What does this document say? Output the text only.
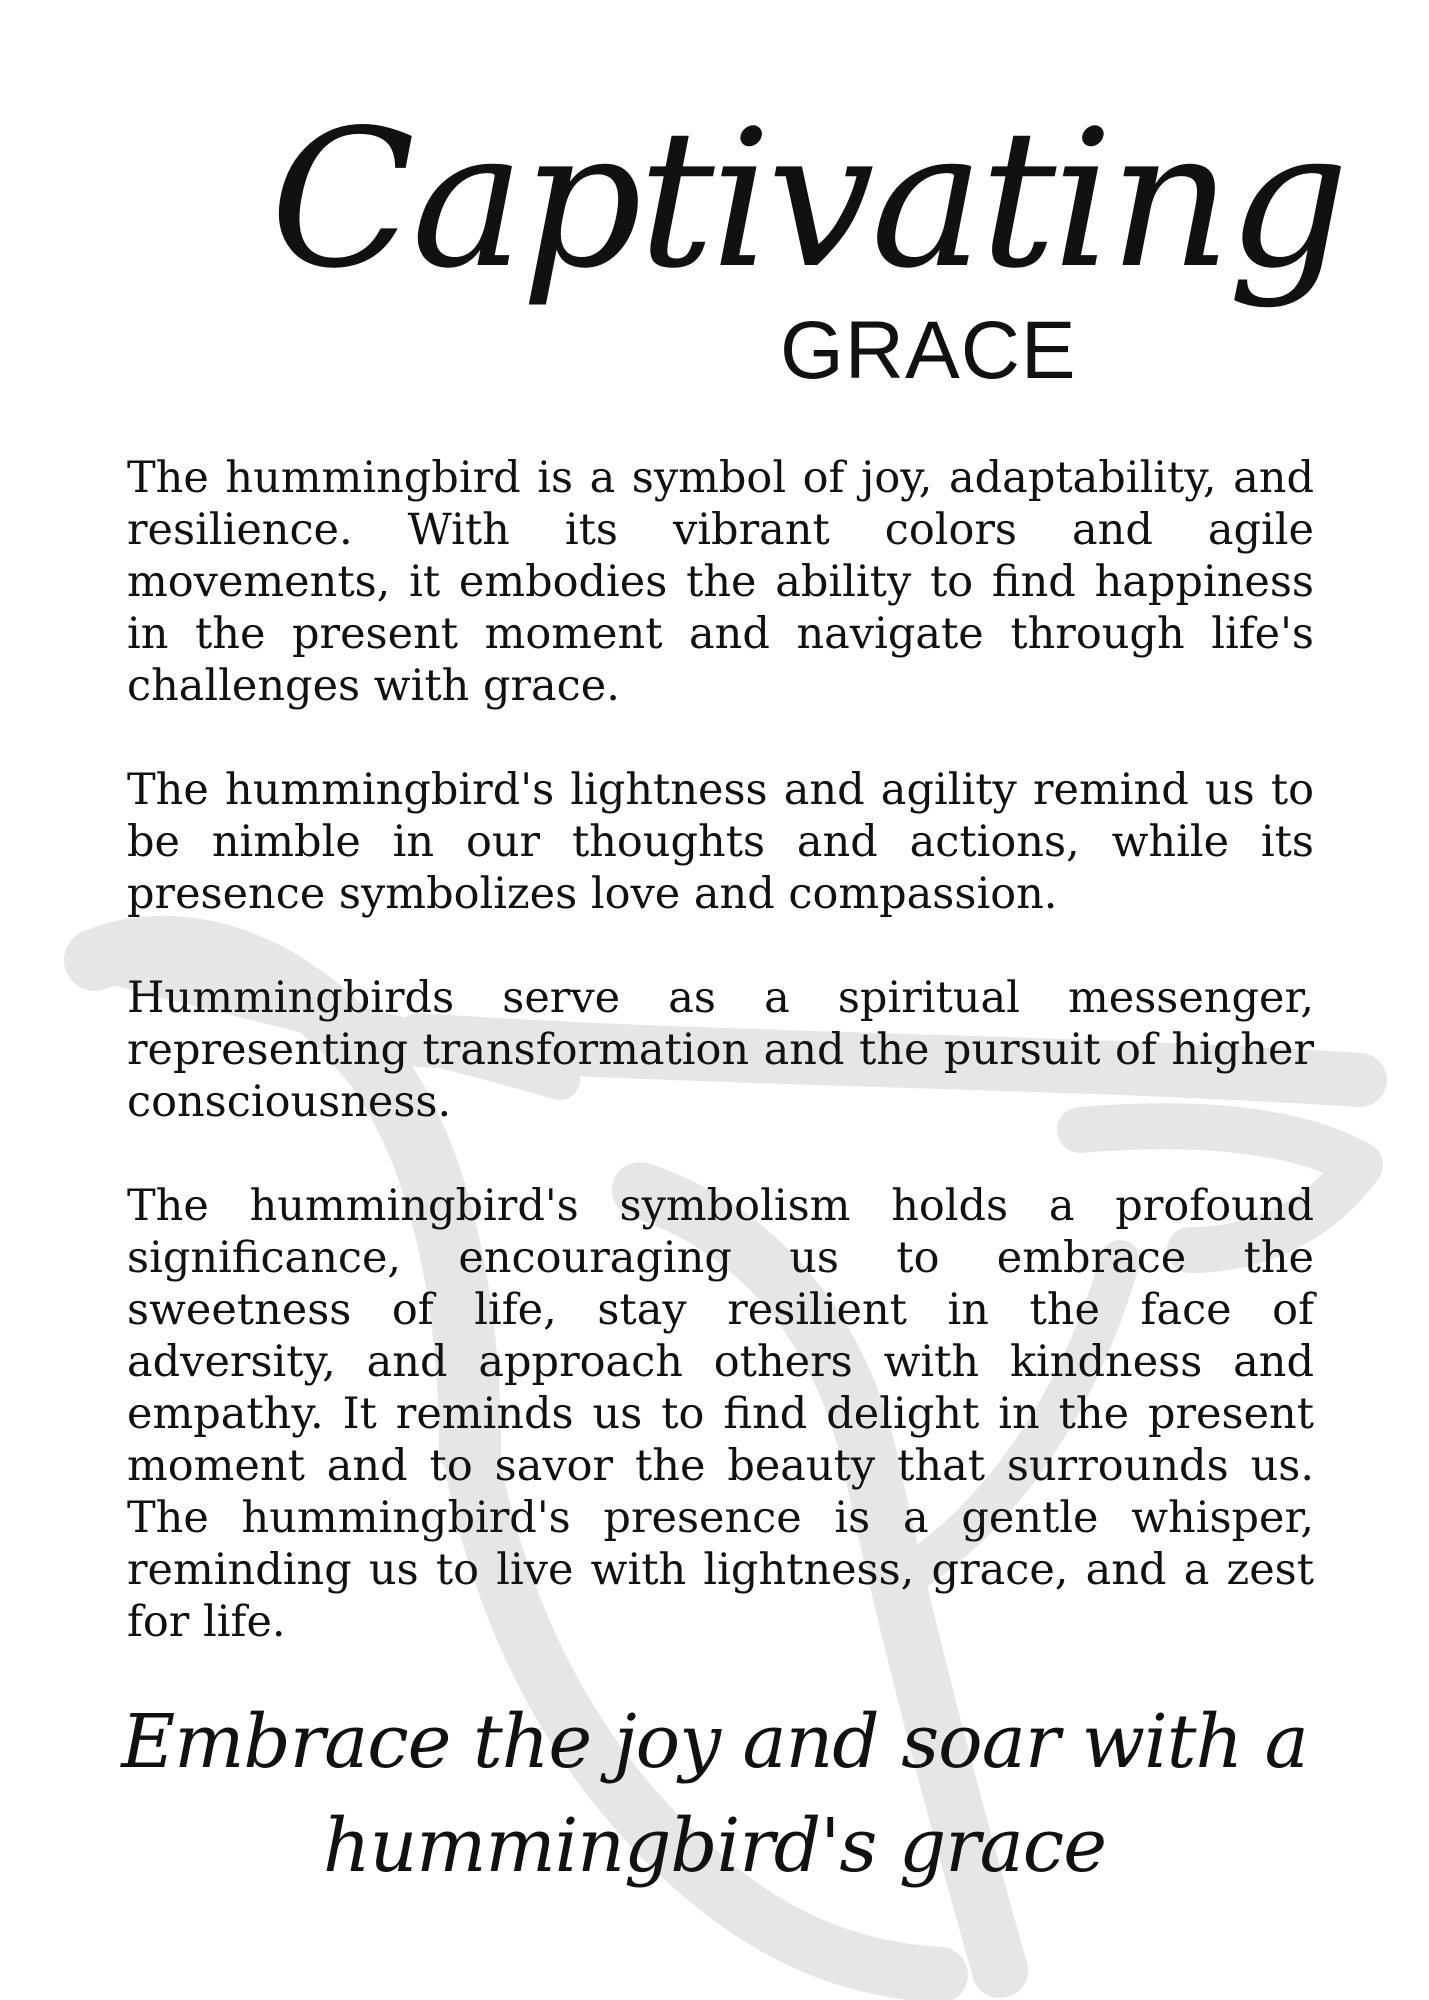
Captivating
GRACE

The hummingbird is a symbol of joy, adaptability, and resilience. With its vibrant colors and agile movements, it embodies the ability to find happiness in the present moment and navigate through life's challenges with grace.

The hummingbird's lightness and agility remind us to be nimble in our thoughts and actions, while its presence symbolizes love and compassion.

Hummingbirds serve as a spiritual messenger, representing transformation and the pursuit of higher consciousness.

The hummingbird's symbolism holds a profound significance, encouraging us to embrace the sweetness of life, stay resilient in the face of adversity, and approach others with kindness and empathy. It reminds us to find delight in the present moment and to savor the beauty that surrounds us. The hummingbird's presence is a gentle whisper, reminding us to live with lightness, grace, and a zest for life.

Embrace the joy and soar with a
hummingbird's grace
